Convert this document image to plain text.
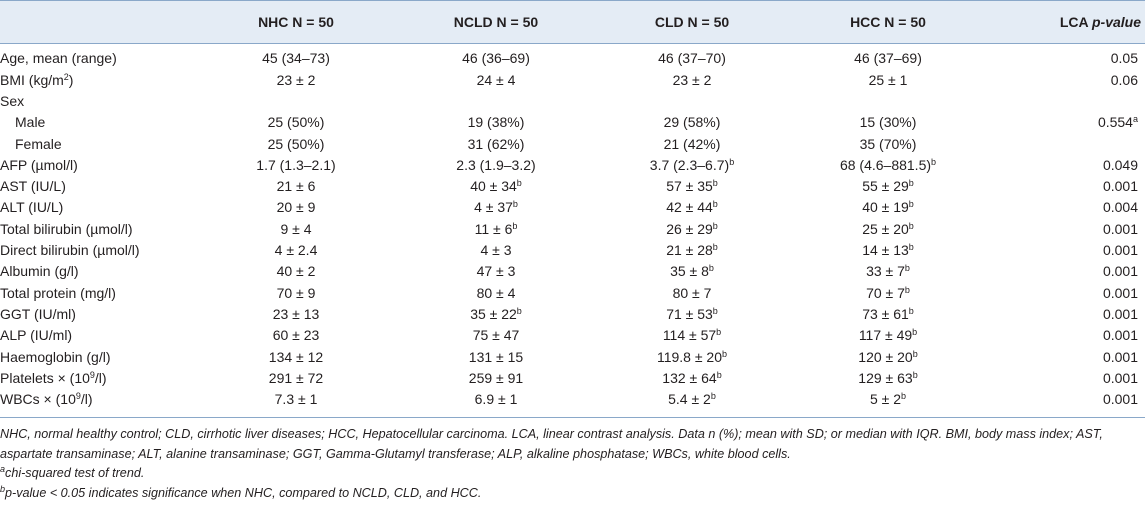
	NHC N = 50	NCLD N = 50	CLD N = 50	HCC N = 50	LCA p-value
Age, mean (range)	45 (34–73)	46 (36–69)	46 (37–70)	46 (37–69)	0.05
BMI $(kg/m^2)$	23 ± 2	24 ± 4	23 ± 2	25 ± 1	0.06
Sex					
Male	25 (50%)	19 (38%)	29 (58%)	15 (30%)	0.554$^a$
Female	25 (50%)	31 (62%)	21 (42%)	35 (70%)	
AFP (µmol/l)	1.7 (1.3–2.1)	2.3 (1.9–3.2)	3.7 $(2.3-6.7)^b$	68 $(4.6-881.5)^b$	0.049
AST (IU/L)	21 ± 6	$40 \pm 34^b$	$57 \pm 35^b$	$55 \pm 29^b$	0.001
ALT (IU/L)	20 ± 9	$4 \pm 37^b$	$42 \pm 44^b$	$40 \pm 19^b$	0.004
Total bilirubin (µmol/l)	9 ± 4	$11 \pm 6^b$	$26 \pm 29^b$	$25 \pm 20^b$	0.001
Direct bilirubin (µmol/l)	4 ± 2.4	4 ± 3	$21 \pm 28^b$	$14 \pm 13^b$	0.001
Albumin (g/l)	40 ± 2	47 ± 3	$35 \pm 8^b$	$33 \pm 7^b$	0.001
Total protein (mg/l)	70 ± 9	80 ± 4	80 ± 7	$70 \pm 7^b$	0.001
GGT (IU/ml)	23 ± 13	$35 \pm 22^b$	$71 \pm 53^b$	$73 \pm 61^b$	0.001
ALP (IU/ml)	60 ± 23	75 ± 47	$114 \pm 57^b$	$117 \pm 49^b$	0.001
Haemoglobin (g/l)	134 ± 12	131 ± 15	$119.8 \pm 20^b$	$120 \pm 20^b$	0.001
Platelets × $(10^9/l)$	291 ± 72	259 ± 91	$132 \pm 64^b$	$129 \pm 63^b$	0.001
WBCs × $(10^9/l)$	7.3 ± 1	6.9 ± 1	$5.4 \pm 2^b$	$5 \pm 2^b$	0.001

NHC, normal healthy control; CLD, cirrhotic liver diseases; HCC, Hepatocellular carcinoma. LCA, linear contrast analysis. Data n (%); mean with SD; or median with IQR. BMI, body mass index; AST, aspartate transaminase; ALT, alanine transaminase; GGT, Gamma-Glutamyl transferase; ALP, alkaline phosphatase; WBCs, white blood cells.

$^a$chi-squared test of trend.

$^b$p-value < 0.05 indicates significance when NHC, compared to NCLD, CLD, and HCC.
